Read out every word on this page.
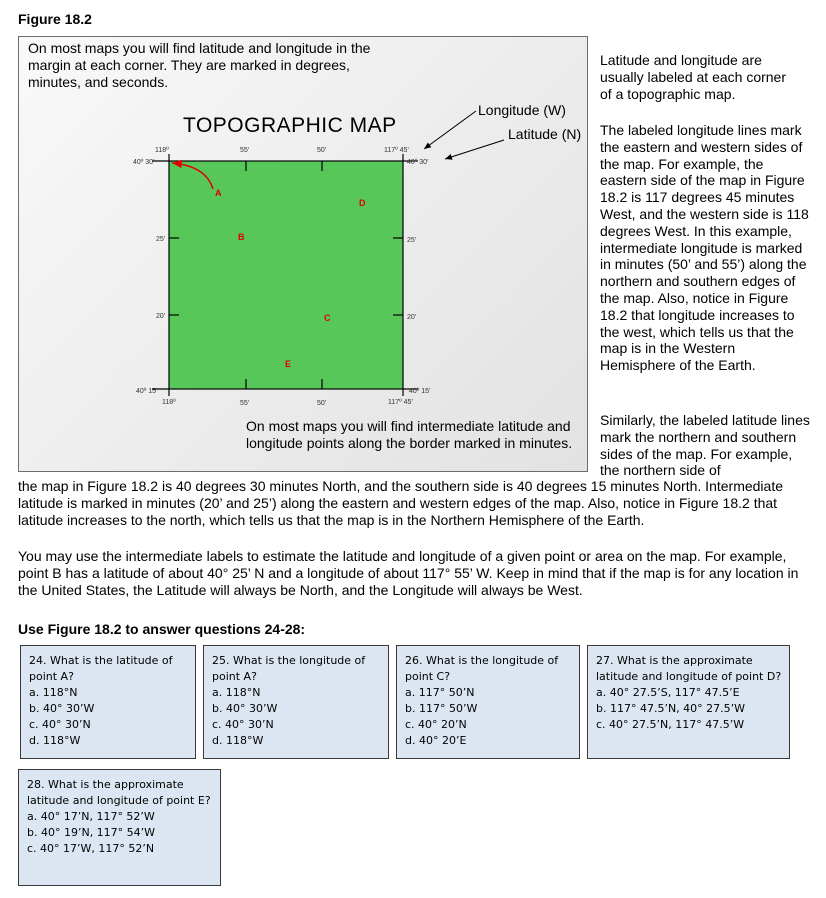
Figure 18.2
On most maps you will find latitude and longitude in the margin at each corner. They are marked in degrees, minutes, and seconds.
TOPOGRAPHIC MAP
118º
40º 30'
117º 45'
40º 30'
40º 15'
118º
40º 15'
117º 45'
55'	50'
55'	50'
25'
20'
25'
20'
A
B
D
C
E
Longitude (W)
Latitude (N)
On most maps you will find intermediate latitude and longitude points along the border marked in minutes.
Latitude and longitude are usually labeled at each corner of a topographic map.
The labeled longitude lines mark the eastern and western sides of the map. For example, the eastern side of the map in Figure 18.2 is 117 degrees 45 minutes West, and the western side is 118 degrees West. In this example, intermediate longitude is marked in minutes (50’ and 55’) along the northern and southern edges of the map. Also, notice in Figure 18.2 that longitude increases to the west, which tells us that the map is in the Western Hemisphere of the Earth.
Similarly, the labeled latitude lines mark the northern and southern sides of the map. For example, the northern side of
the map in Figure 18.2 is 40 degrees 30 minutes North, and the southern side is 40 degrees 15 minutes North. Intermediate latitude is marked in minutes (20’ and 25’) along the eastern and western edges of the map. Also, notice in Figure 18.2 that latitude increases to the north, which tells us that the map is in the Northern Hemisphere of the Earth.
You may use the intermediate labels to estimate the latitude and longitude of a given point or area on the map. For example, point B has a latitude of about 40° 25’ N and a longitude of about 117° 55’ W. Keep in mind that if the map is for any location in the United States, the Latitude will always be North, and the Longitude will always be West.
Use Figure 18.2 to answer questions 24-28:
24. What is the latitude of point A?
a. 118°N
b. 40° 30’W
c. 40° 30’N
d. 118°W
25. What is the longitude of point A?
a. 118°N
b. 40° 30’W
c. 40° 30’N
d. 118°W
26. What is the longitude of point C?
a. 117° 50’N
b. 117° 50’W
c. 40° 20’N
d. 40° 20’E
27. What is the approximate latitude and longitude of point D?
a. 40° 27.5’S, 117° 47.5’E
b. 117° 47.5’N, 40° 27.5’W
c. 40° 27.5’N, 117° 47.5’W
28. What is the approximate latitude and longitude of point E?
a. 40° 17’N, 117° 52’W
b. 40° 19’N, 117° 54’W
c. 40° 17’W, 117° 52’N
